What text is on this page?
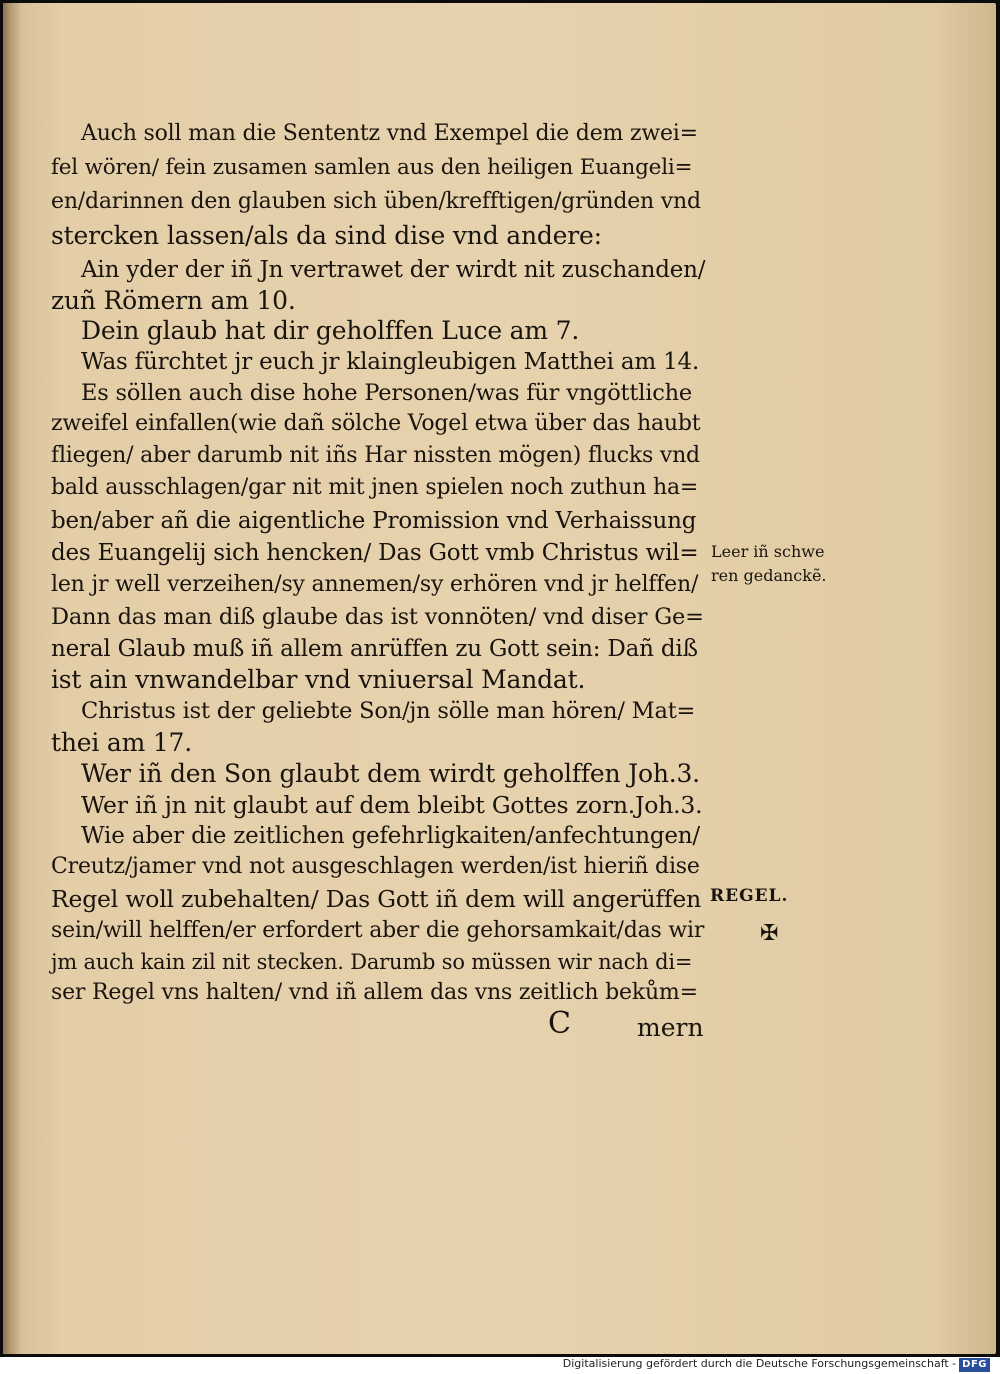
Auch soll man die Sententz vnd Exempel die dem zwei=
fel wören/ fein zusamen samlen aus den heiligen Euangeli=
en/darinnen den glauben sich üben/krefftigen/gründen vnd
stercken lassen/als da sind dise vnd andere:
Ain yder der iñ Jn vertrawet der wirdt nit zuschanden/
zuñ Römern am 10.
Dein glaub hat dir geholffen Luce am 7.
Was fürchtet jr euch jr klaingleubigen Matthei am 14.
Es söllen auch dise hohe Personen/was für vngöttliche
zweifel einfallen(wie dañ sölche Vogel etwa über das haubt
fliegen/ aber darumb nit iñs Har nissten mögen) flucks vnd
bald ausschlagen/gar nit mit jnen spielen noch zuthun ha=
ben/aber añ die aigentliche Promission vnd Verhaissung
des Euangelij sich hencken/ Das Gott vmb Christus wil=
len jr well verzeihen/sy annemen/sy erhören vnd jr helffen/
Dann das man diß glaube das ist vonnöten/ vnd diser Ge=
neral Glaub muß iñ allem anrüffen zu Gott sein: Dañ diß
ist ain vnwandelbar vnd vniuersal Mandat.
Christus ist der geliebte Son/jn sölle man hören/ Mat=
thei am 17.
Wer iñ den Son glaubt dem wirdt geholffen Joh.3.
Wer iñ jn nit glaubt auf dem bleibt Gottes zorn.Joh.3.
Wie aber die zeitlichen gefehrligkaiten/anfechtungen/
Creutz/jamer vnd not ausgeschlagen werden/ist hieriñ dise
Regel woll zubehalten/ Das Gott iñ dem will angerüffen
sein/will helffen/er erfordert aber die gehorsamkait/das wir
jm auch kain zil nit stecken. Darumb so müssen wir nach di=
ser Regel vns halten/ vnd iñ allem das vns zeitlich bekům=
Leer iñ schwe
ren gedanckẽ.
REGEL.
✠
C	mern
Digitalisierung gefördert durch die Deutsche Forschungsgemeinschaft - DFG
